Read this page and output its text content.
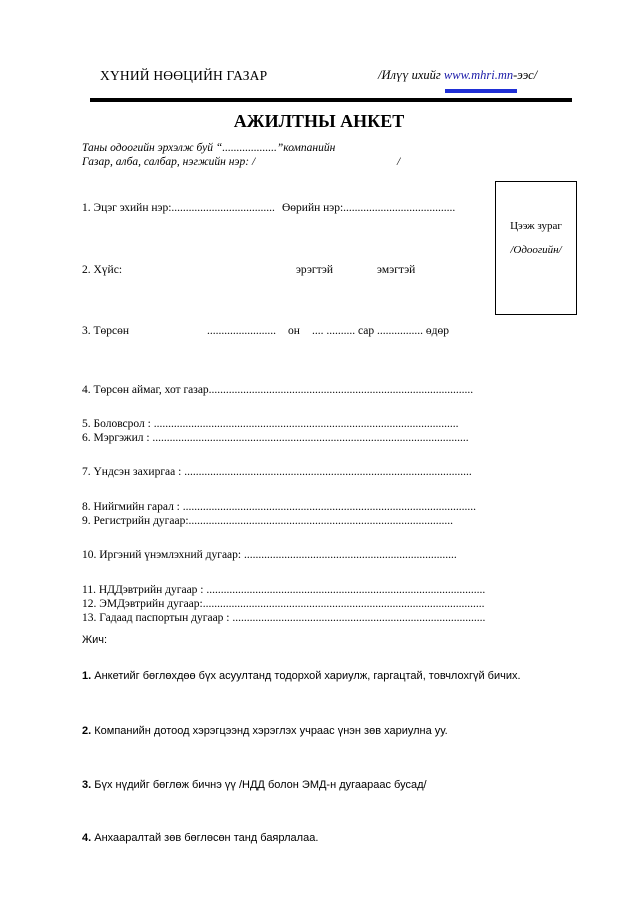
ХҮНИЙ НӨӨЦИЙН ГАЗАР	/Илүү ихийг www.mhri.mn-ээс/
АЖИЛТНЫ АНКЕТ
Таны одоогийн эрхэлж буй “...................”компанийн
Газар, алба, салбар, нэгжийн нэр: /	/
Цээж зураг
/Одоогийн/
1. Эцэг эхийн нэр:.................................... Өөрийн нэр:.......................................
2. Хүйс:	эрэгтэй	эмэгтэй
3. Төрсөн	........................ он .... .......... сар ................ өдөр
4. Төрсөн аймаг, хот газар............................................................................................
5. Боловсрол : ..........................................................................................................
6. Мэргэжил : ..............................................................................................................
7. Үндсэн захиргаа : ....................................................................................................
8. Нийгмийн гарал : ......................................................................................................
9. Регистрийн дугаар:............................................................................................
10. Иргэний үнэмлэхний дугаар: ..........................................................................
11. НДДэвтрийн дугаар : .................................................................................................
12. ЭМДэвтрийн дугаар:..................................................................................................
13. Гадаад паспортын дугаар : ........................................................................................
Жич:
1. Анкетийг бөглөхдөө бүх асуултанд тодорхой хариулж, гаргацтай, товчлохгүй бичих.
2. Компанийн дотоод хэрэгцээнд хэрэглэх учраас үнэн зөв хариулна уу.
3. Бүх нүдийг бөглөж бичнэ үү /НДД болон ЭМД-н дугаараас бусад/
4. Анхааралтай зөв бөглөсөн танд баярлалаа.
